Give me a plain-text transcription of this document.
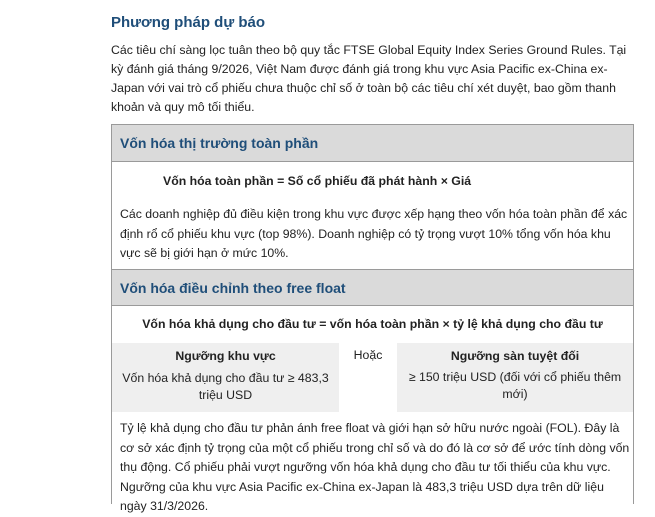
Phương pháp dự báo
Các tiêu chí sàng lọc tuân theo bộ quy tắc FTSE Global Equity Index Series Ground Rules. Tại kỳ đánh giá tháng 9/2026, Việt Nam được đánh giá trong khu vực Asia Pacific ex-China ex-Japan với vai trò cổ phiếu chưa thuộc chỉ số ở toàn bộ các tiêu chí xét duyệt, bao gồm thanh khoản và quy mô tối thiểu.
Vốn hóa thị trường toàn phần
Vốn hóa toàn phần = Số cổ phiếu đã phát hành × Giá
Các doanh nghiệp đủ điều kiện trong khu vực được xếp hạng theo vốn hóa toàn phần để xác định rổ cổ phiếu khu vực (top 98%). Doanh nghiệp có tỷ trọng vượt 10% tổng vốn hóa khu vực sẽ bị giới hạn ở mức 10%.
Vốn hóa điều chỉnh theo free float
Vốn hóa khả dụng cho đầu tư = vốn hóa toàn phần × tỷ lệ khả dụng cho đầu tư
Ngưỡng khu vực
Vốn hóa khả dụng cho đầu tư ≥ 483,3 triệu USD
Hoặc	Ngưỡng sàn tuyệt đối
≥ 150 triệu USD (đối với cổ phiếu thêm mới)
Tỷ lệ khả dụng cho đầu tư phản ánh free float và giới hạn sở hữu nước ngoài (FOL). Đây là cơ sở xác định tỷ trọng của một cổ phiếu trong chỉ số và do đó là cơ sở để ước tính dòng vốn thụ động. Cổ phiếu phải vượt ngưỡng vốn hóa khả dụng cho đầu tư tối thiểu của khu vực. Ngưỡng của khu vực Asia Pacific ex-China ex-Japan là 483,3 triệu USD dựa trên dữ liệu ngày 31/3/2026.
